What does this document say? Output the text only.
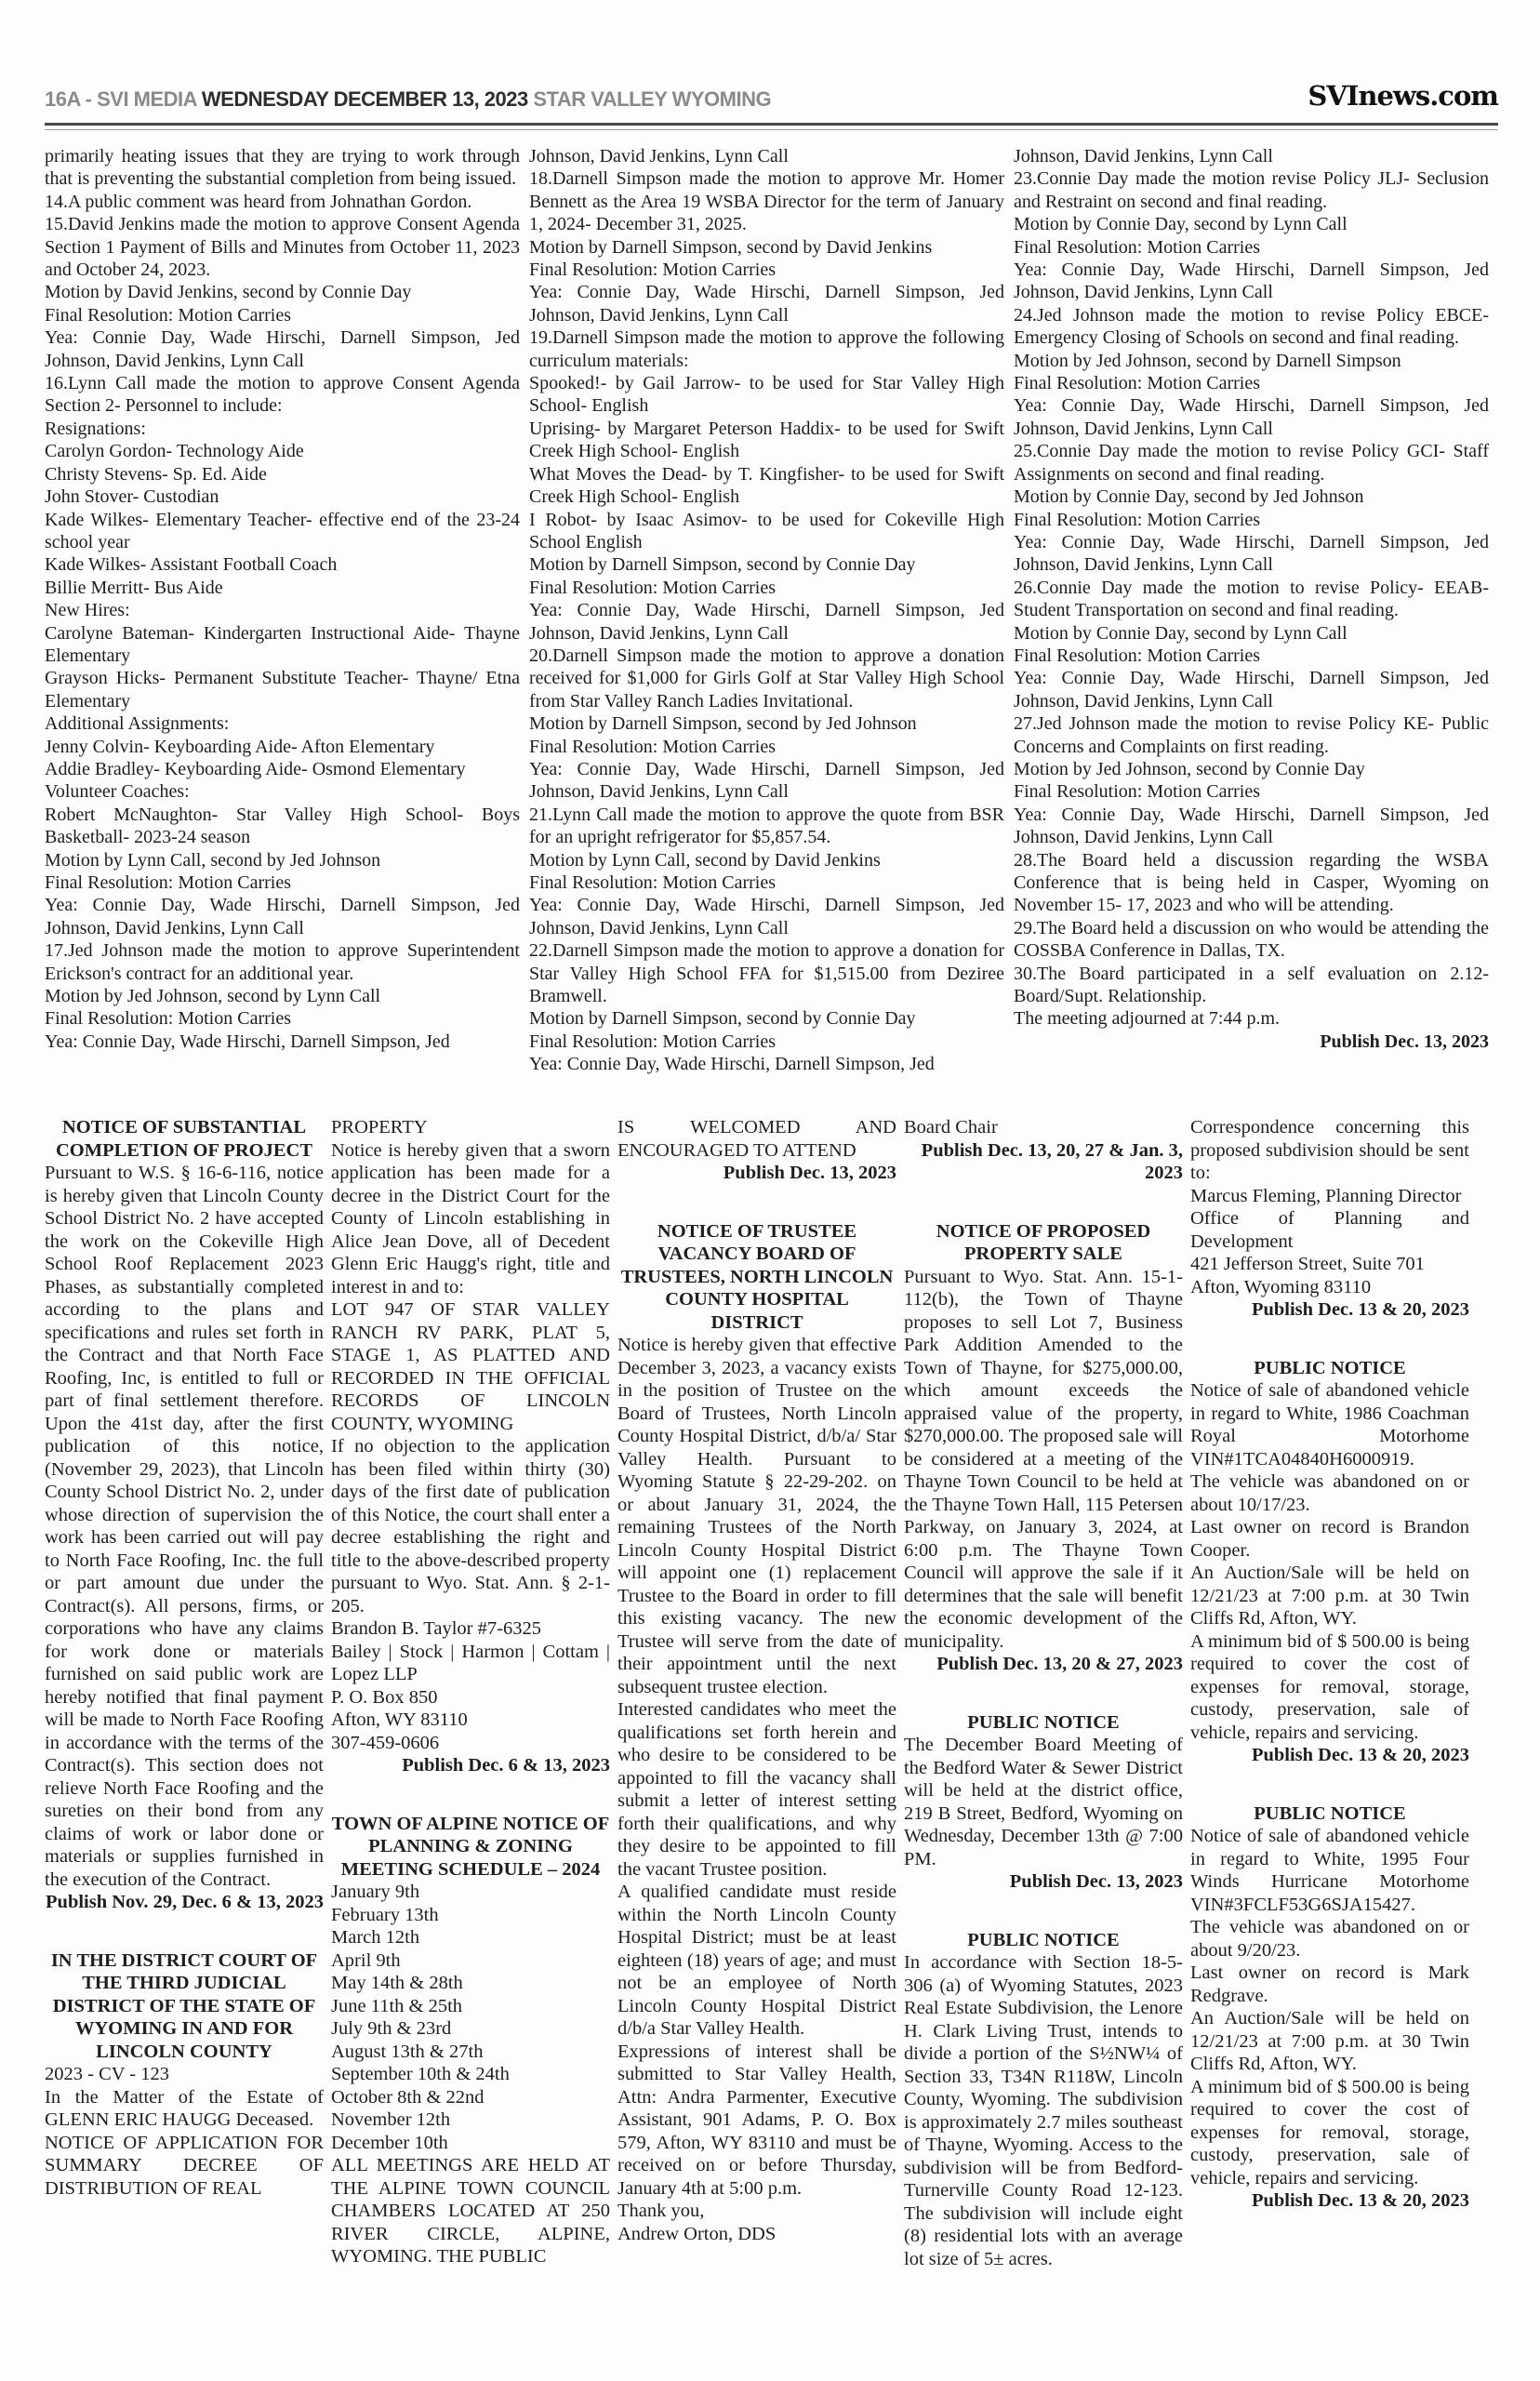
16A - SVI MEDIA WEDNESDAY DECEMBER 13, 2023 STAR VALLEY WYOMING	SVInews.com

primarily heating issues that they are trying to work through that is preventing the substantial completion from being issued.

14.A public comment was heard from Johnathan Gordon.

15.David Jenkins made the motion to approve Consent Agenda Section 1 Payment of Bills and Minutes from October 11, 2023 and October 24, 2023.

Motion by David Jenkins, second by Connie Day

Final Resolution: Motion Carries

Yea: Connie Day, Wade Hirschi, Darnell Simpson, Jed Johnson, David Jenkins, Lynn Call

16.Lynn Call made the motion to approve Consent Agenda Section 2- Personnel to include:

Resignations:

Carolyn Gordon- Technology Aide

Christy Stevens- Sp. Ed. Aide

John Stover- Custodian

Kade Wilkes- Elementary Teacher- effective end of the 23-24 school year

Kade Wilkes- Assistant Football Coach

Billie Merritt- Bus Aide

New Hires:

Carolyne Bateman- Kindergarten Instructional Aide- Thayne Elementary

Grayson Hicks- Permanent Substitute Teacher- Thayne/ Etna Elementary

Additional Assignments:

Jenny Colvin- Keyboarding Aide- Afton Elementary

Addie Bradley- Keyboarding Aide- Osmond Elementary

Volunteer Coaches:

Robert McNaughton- Star Valley High School- Boys Basketball- 2023-24 season

Motion by Lynn Call, second by Jed Johnson

Final Resolution: Motion Carries

Yea: Connie Day, Wade Hirschi, Darnell Simpson, Jed Johnson, David Jenkins, Lynn Call

17.Jed Johnson made the motion to approve Superintendent Erickson's contract for an additional year.

Motion by Jed Johnson, second by Lynn Call

Final Resolution: Motion Carries

Yea: Connie Day, Wade Hirschi, Darnell Simpson, Jed

Johnson, David Jenkins, Lynn Call

18.Darnell Simpson made the motion to approve Mr. Homer Bennett as the Area 19 WSBA Director for the term of January 1, 2024- December 31, 2025.

Motion by Darnell Simpson, second by David Jenkins

Final Resolution: Motion Carries

Yea: Connie Day, Wade Hirschi, Darnell Simpson, Jed Johnson, David Jenkins, Lynn Call

19.Darnell Simpson made the motion to approve the following curriculum materials:

Spooked!- by Gail Jarrow- to be used for Star Valley High School- English

Uprising- by Margaret Peterson Haddix- to be used for Swift Creek High School- English

What Moves the Dead- by T. Kingfisher- to be used for Swift Creek High School- English

I Robot- by Isaac Asimov- to be used for Cokeville High School English

Motion by Darnell Simpson, second by Connie Day

Final Resolution: Motion Carries

Yea: Connie Day, Wade Hirschi, Darnell Simpson, Jed Johnson, David Jenkins, Lynn Call

20.Darnell Simpson made the motion to approve a donation received for $1,000 for Girls Golf at Star Valley High School from Star Valley Ranch Ladies Invitational.

Motion by Darnell Simpson, second by Jed Johnson

Final Resolution: Motion Carries

Yea: Connie Day, Wade Hirschi, Darnell Simpson, Jed Johnson, David Jenkins, Lynn Call

21.Lynn Call made the motion to approve the quote from BSR for an upright refrigerator for $5,857.54.

Motion by Lynn Call, second by David Jenkins

Final Resolution: Motion Carries

Yea: Connie Day, Wade Hirschi, Darnell Simpson, Jed Johnson, David Jenkins, Lynn Call

22.Darnell Simpson made the motion to approve a donation for Star Valley High School FFA for $1,515.00 from Deziree Bramwell.

Motion by Darnell Simpson, second by Connie Day

Final Resolution: Motion Carries

Yea: Connie Day, Wade Hirschi, Darnell Simpson, Jed

Johnson, David Jenkins, Lynn Call

23.Connie Day made the motion revise Policy JLJ- Seclusion and Restraint on second and final reading.

Motion by Connie Day, second by Lynn Call

Final Resolution: Motion Carries

Yea: Connie Day, Wade Hirschi, Darnell Simpson, Jed Johnson, David Jenkins, Lynn Call

24.Jed Johnson made the motion to revise Policy EBCE- Emergency Closing of Schools on second and final reading.

Motion by Jed Johnson, second by Darnell Simpson

Final Resolution: Motion Carries

Yea: Connie Day, Wade Hirschi, Darnell Simpson, Jed Johnson, David Jenkins, Lynn Call

25.Connie Day made the motion to revise Policy GCI- Staff Assignments on second and final reading.

Motion by Connie Day, second by Jed Johnson

Final Resolution: Motion Carries

Yea: Connie Day, Wade Hirschi, Darnell Simpson, Jed Johnson, David Jenkins, Lynn Call

26.Connie Day made the motion to revise Policy- EEAB- Student Transportation on second and final reading.

Motion by Connie Day, second by Lynn Call

Final Resolution: Motion Carries

Yea: Connie Day, Wade Hirschi, Darnell Simpson, Jed Johnson, David Jenkins, Lynn Call

27.Jed Johnson made the motion to revise Policy KE- Public Concerns and Complaints on first reading.

Motion by Jed Johnson, second by Connie Day

Final Resolution: Motion Carries

Yea: Connie Day, Wade Hirschi, Darnell Simpson, Jed Johnson, David Jenkins, Lynn Call

28.The Board held a discussion regarding the WSBA Conference that is being held in Casper, Wyoming on November 15- 17, 2023 and who will be attending.

29.The Board held a discussion on who would be attending the COSSBA Conference in Dallas, TX.

30.The Board participated in a self evaluation on 2.12- Board/Supt. Relationship.

The meeting adjourned at 7:44 p.m.

Publish Dec. 13, 2023

NOTICE OF SUBSTANTIAL COMPLETION OF PROJECT

Pursuant to W.S. § 16-6-116, notice is hereby given that Lincoln County School District No. 2 have accepted the work on the Cokeville High School Roof Replacement 2023 Phases, as substantially completed according to the plans and specifications and rules set forth in the Contract and that North Face Roofing, Inc, is entitled to full or part of final settlement therefore. Upon the 41st day, after the first publication of this notice, (November 29, 2023), that Lincoln County School District No. 2, under whose direction of supervision the work has been carried out will pay to North Face Roofing, Inc. the full or part amount due under the Contract(s). All persons, firms, or corporations who have any claims for work done or materials furnished on said public work are hereby notified that final payment will be made to North Face Roofing in accordance with the terms of the Contract(s). This section does not relieve North Face Roofing and the sureties on their bond from any claims of work or labor done or materials or supplies furnished in the execution of the Contract.

Publish Nov. 29, Dec. 6 & 13, 2023

IN THE DISTRICT COURT OF THE THIRD JUDICIAL DISTRICT OF THE STATE OF WYOMING IN AND FOR LINCOLN COUNTY

2023 - CV - 123

In the Matter of the Estate of GLENN ERIC HAUGG Deceased.

NOTICE OF APPLICATION FOR SUMMARY DECREE OF DISTRIBUTION OF REAL

PROPERTY

Notice is hereby given that a sworn application has been made for a decree in the District Court for the County of Lincoln establishing in Alice Jean Dove, all of Decedent Glenn Eric Haugg's right, title and interest in and to:

LOT 947 OF STAR VALLEY RANCH RV PARK, PLAT 5, STAGE 1, AS PLATTED AND RECORDED IN THE OFFICIAL RECORDS OF LINCOLN COUNTY, WYOMING

If no objection to the application has been filed within thirty (30) days of the first date of publication of this Notice, the court shall enter a decree establishing the right and title to the above-described property pursuant to Wyo. Stat. Ann. § 2-1-205.

Brandon B. Taylor #7-6325

Bailey | Stock | Harmon | Cottam | Lopez LLP

P. O. Box 850

Afton, WY 83110

307-459-0606

Publish Dec. 6 & 13, 2023

TOWN OF ALPINE NOTICE OF PLANNING & ZONING MEETING SCHEDULE – 2024

January 9th

February 13th

March 12th

April 9th

May 14th & 28th

June 11th & 25th

July 9th & 23rd

August 13th & 27th

September 10th & 24th

October 8th & 22nd

November 12th

December 10th

ALL MEETINGS ARE HELD AT THE ALPINE TOWN COUNCIL CHAMBERS LOCATED AT 250 RIVER CIRCLE, ALPINE, WYOMING. THE PUBLIC

IS WELCOMED AND ENCOURAGED TO ATTEND

Publish Dec. 13, 2023

NOTICE OF TRUSTEE VACANCY BOARD OF TRUSTEES, NORTH LINCOLN COUNTY HOSPITAL DISTRICT

Notice is hereby given that effective December 3, 2023, a vacancy exists in the position of Trustee on the Board of Trustees, North Lincoln County Hospital District, d/b/a/ Star Valley Health. Pursuant to Wyoming Statute § 22-29-202. on or about January 31, 2024, the remaining Trustees of the North Lincoln County Hospital District will appoint one (1) replacement Trustee to the Board in order to fill this existing vacancy. The new Trustee will serve from the date of their appointment until the next subsequent trustee election.

Interested candidates who meet the qualifications set forth herein and who desire to be considered to be appointed to fill the vacancy shall submit a letter of interest setting forth their qualifications, and why they desire to be appointed to fill the vacant Trustee position.

A qualified candidate must reside within the North Lincoln County Hospital District; must be at least eighteen (18) years of age; and must not be an employee of North Lincoln County Hospital District d/b/a Star Valley Health.

Expressions of interest shall be submitted to Star Valley Health, Attn: Andra Parmenter, Executive Assistant, 901 Adams, P. O. Box 579, Afton, WY 83110 and must be received on or before Thursday, January 4th at 5:00 p.m.

Thank you,

Andrew Orton, DDS

Board Chair

Publish Dec. 13, 20, 27 & Jan. 3, 2023

NOTICE OF PROPOSED PROPERTY SALE

Pursuant to Wyo. Stat. Ann. 15-1-112(b), the Town of Thayne proposes to sell Lot 7, Business Park Addition Amended to the Town of Thayne, for $275,000.00, which amount exceeds the appraised value of the property, $270,000.00. The proposed sale will be considered at a meeting of the Thayne Town Council to be held at the Thayne Town Hall, 115 Petersen Parkway, on January 3, 2024, at 6:00 p.m. The Thayne Town Council will approve the sale if it determines that the sale will benefit the economic development of the municipality.

Publish Dec. 13, 20 & 27, 2023

PUBLIC NOTICE

The December Board Meeting of the Bedford Water & Sewer District will be held at the district office, 219 B Street, Bedford, Wyoming on Wednesday, December 13th @ 7:00 PM.

Publish Dec. 13, 2023

PUBLIC NOTICE

In accordance with Section 18-5-306 (a) of Wyoming Statutes, 2023 Real Estate Subdivision, the Lenore H. Clark Living Trust, intends to divide a portion of the S½NW¼ of Section 33, T34N R118W, Lincoln County, Wyoming. The subdivision is approximately 2.7 miles southeast of Thayne, Wyoming. Access to the subdivision will be from Bedford-Turnerville County Road 12-123. The subdivision will include eight (8) residential lots with an average lot size of 5± acres.

Correspondence concerning this proposed subdivision should be sent to:

Marcus Fleming, Planning Director

Office of Planning and Development

421 Jefferson Street, Suite 701

Afton, Wyoming 83110

Publish Dec. 13 & 20, 2023

PUBLIC NOTICE

Notice of sale of abandoned vehicle in regard to White, 1986 Coachman Royal Motorhome VIN#1TCA04840H6000919.

The vehicle was abandoned on or about 10/17/23.

Last owner on record is Brandon Cooper.

An Auction/Sale will be held on 12/21/23 at 7:00 p.m. at 30 Twin Cliffs Rd, Afton, WY.

A minimum bid of $ 500.00 is being required to cover the cost of expenses for removal, storage, custody, preservation, sale of vehicle, repairs and servicing.

Publish Dec. 13 & 20, 2023

PUBLIC NOTICE

Notice of sale of abandoned vehicle in regard to White, 1995 Four Winds Hurricane Motorhome VIN#3FCLF53G6SJA15427.

The vehicle was abandoned on or about 9/20/23.

Last owner on record is Mark Redgrave.

An Auction/Sale will be held on 12/21/23 at 7:00 p.m. at 30 Twin Cliffs Rd, Afton, WY.

A minimum bid of $ 500.00 is being required to cover the cost of expenses for removal, storage, custody, preservation, sale of vehicle, repairs and servicing.

Publish Dec. 13 & 20, 2023
